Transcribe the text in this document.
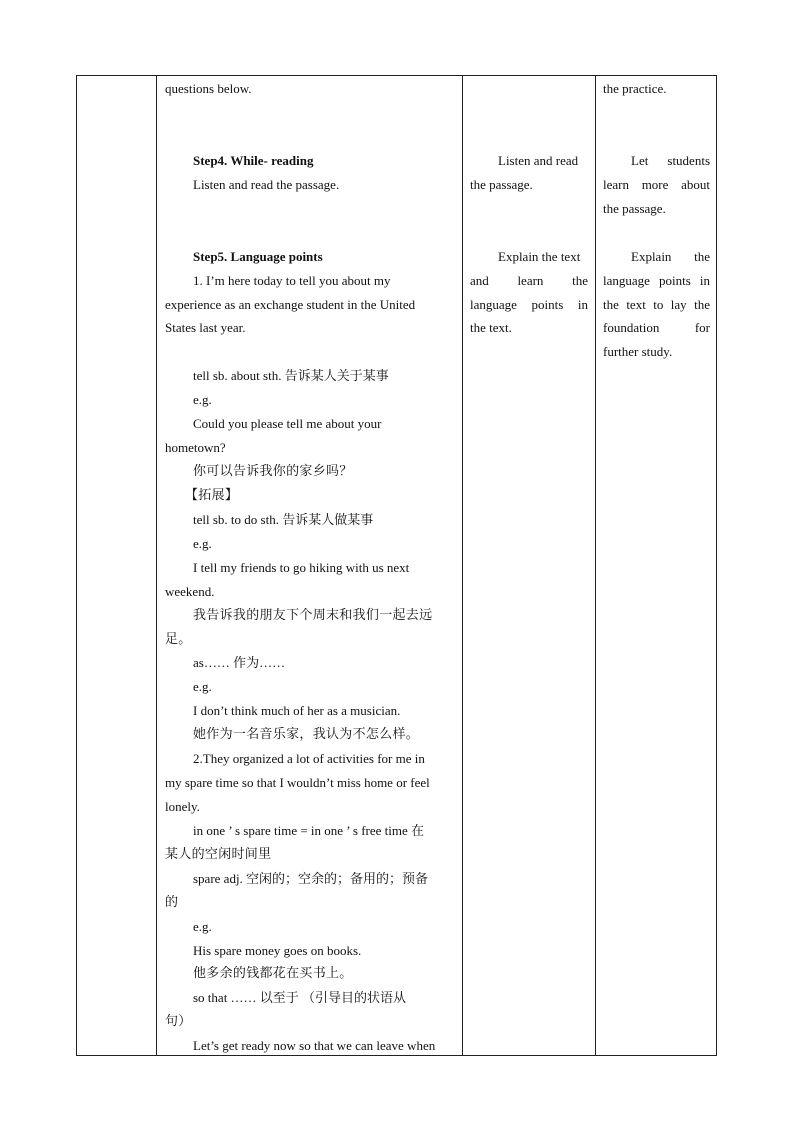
questions below.
Step4. While- reading
Listen and read the passage.
Step5. Language points
1. I’m here today to tell you about my
experience as an exchange student in the United
States last year.
tell sb. about sth. 告诉某人关于某事
e.g.
Could you please tell me about your
hometown?
你可以告诉我你的家乡吗？
【拓展】
tell sb. to do sth. 告诉某人做某事
e.g.
I tell my friends to go hiking with us next
weekend.
我告诉我的朋友下个周末和我们一起去远
足。
as…… 作为……
e.g.
I don’t think much of her as a musician.
她作为一名音乐家，我认为不怎么样。
2.They organized a lot of activities for me in
my spare time so that I wouldn’t miss home or feel
lonely.
in one ’ s spare time = in one ’ s free time 在
某人的空闲时间里
spare adj. 空闲的；空余的；备用的；预备
的
e.g.
His spare money goes on books.
他多余的钱都花在买书上。
so that …… 以至于 （引导目的状语从
句）
Let’s get ready now so that we can leave when
Listen and read
the passage.
Explain the text
and learn the
language points in
the text.
the practice.
Let students
learn more about
the passage.
Explain the
language points in
the text to lay the
foundation for
further study.
